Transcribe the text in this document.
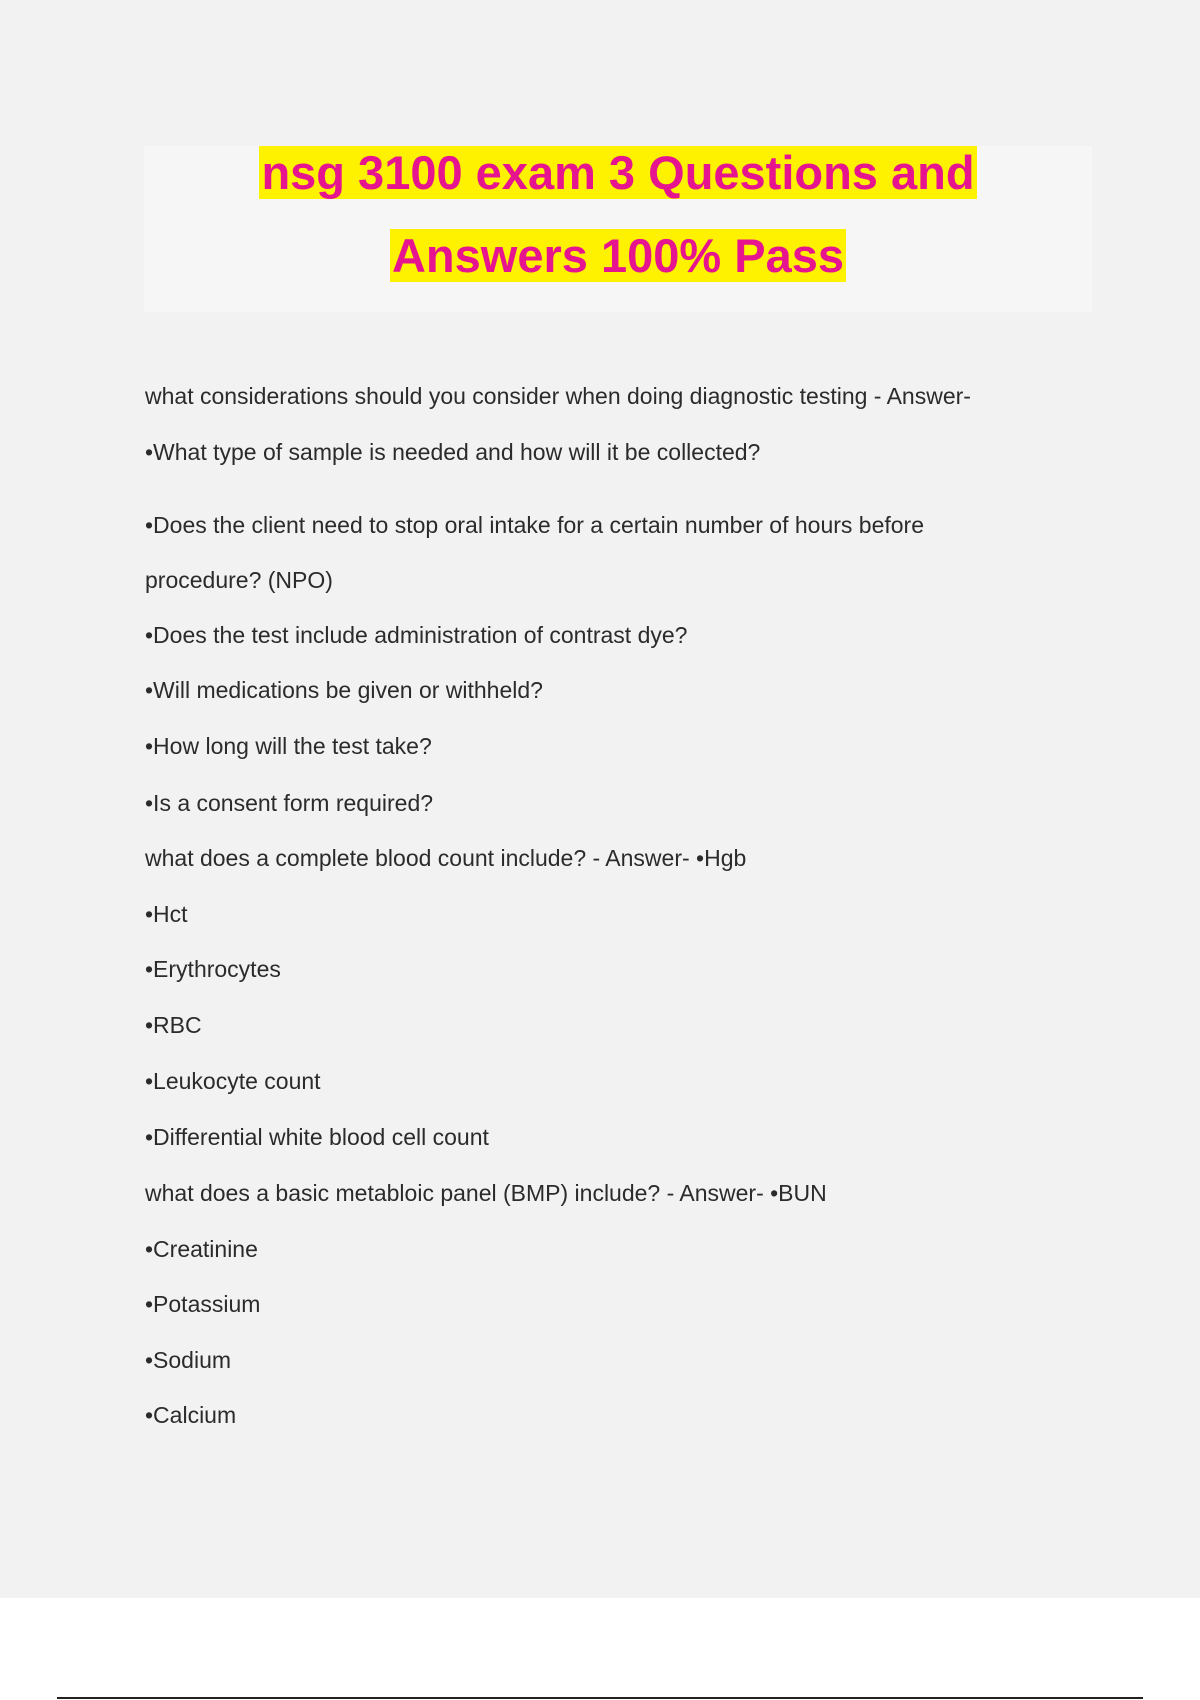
nsg 3100 exam 3 Questions and
Answers 100% Pass
what considerations should you consider when doing diagnostic testing - Answer-
•What type of sample is needed and how will it be collected?
•Does the client need to stop oral intake for a certain number of hours before
procedure? (NPO)
•Does the test include administration of contrast dye?
•Will medications be given or withheld?
•How long will the test take?
•Is a consent form required?
what does a complete blood count include? - Answer- •Hgb
•Hct
•Erythrocytes
•RBC
•Leukocyte count
•Differential white blood cell count
what does a basic metabloic panel (BMP) include? - Answer- •BUN
•Creatinine
•Potassium
•Sodium
•Calcium
